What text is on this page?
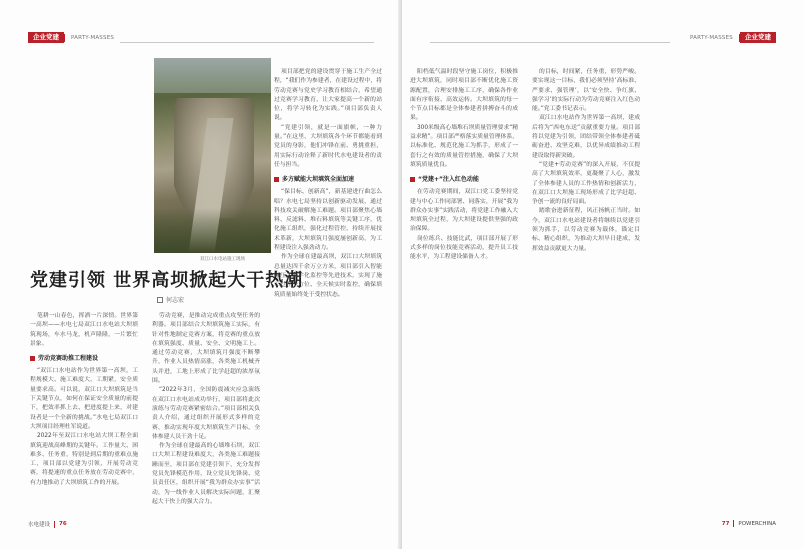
企业党建	PARTY-MASSES
双江口水电站施工现场
党建引领 世界高坝掀起大干热潮
何志宏

笔耕一山春色，挥洒一片深情。世界第一高坝——水电七局双江口水电站大坝填筑现场，车水马龙，机声隆隆，一片繁忙景象。

劳动竞赛助推工程建设

“双江口水电站作为世界第一高坝，工程规模大、施工难度大，工期紧，安全质量要求高。可以说，双江口大坝填筑是当下关键节点，如何在保证安全质量的前提下，把效率抓上去、把进度提上来，对建设者是一个全新的挑战。”水电七局双江口大坝项目经理杜军说道。

2022年至双江口水电站大坝工程全面填筑迎战高峰期的关键年。工作量大、困难多、任务重，特别是到后期的重难点施工，项目部以党建为引领，开展劳动竞赛，将提速的重点任务放在劳动竞赛中，有力地推动了大坝填筑工作的开展。

劳动竞赛，是推动完成重点攻坚任务的利器。项目部结合大坝填筑施工实际，有针对性地制定竞赛方案，将竞赛的重点放在填筑强度、质量、安全、文明施工上。通过劳动竞赛，大坝填筑月强度不断攀升，作业人员热情高涨，各类施工机械齐头并进，工地上形成了比学赶超的浓厚氛围。

“2022年3月，全国防震减灾应急演练在双江口水电站成功举行，项目部将此次演练与劳动竞赛紧密结合。”项目部相关负责人介绍，通过组织开展形式多样的竞赛，推动实现年度大坝填筑生产目标，全体参建人员干劲十足。

作为全球在建最高的心墙堆石坝，双江口大坝工程建设难度大，各类施工难题接踵而至，项目部在党建引领下，充分发挥党员先锋模范作用，设立党员先锋岗、党员责任区，组织开展“我为群众办实事”活动，为一线作业人员解决实际问题，汇聚起大干快上的强大合力。

项目部把党的建设贯穿于施工生产全过程，“我们作为参建者，在建设过程中，将劳动竞赛与党史学习教育相结合，希望通过竞赛学习教育，让大家提高一个新的站位，将学习转化为实践。”项目部负责人说。

“党建引领，就是一面旗帜，一种力量。”在这里，大坝填筑各个环节都能看到党员的身影，他们冲锋在前、勇挑重担，用实际行动诠释了新时代水电建设者的责任与担当。

多方赋能大坝填筑全面加速

“保目标、创新高”，新基建进行曲怎么唱？水电七局坚持以创新驱动发展，通过科技攻关破解施工难题。项目部聚焦心墙料、反滤料、堆石料填筑等关键工序，优化施工组织，强化过程管控，持续开展技术革新，大坝填筑月强度屡创新高，为工程建设注入强劲动力。

作为全球在建最高坝，双江口大坝填筑总量达四千余万立方米，项目部引入智能碾压、数字化监控等先进技术，实现了施工过程全方位、全天候实时监控，确保填筑质量始终处于受控状态。

水电建设 76
PARTY-MASSES	企业党建

阳档低气温时段坚守施工岗位，积极推进大坝填筑，同时项目部不断优化施工资源配置，合理安排施工工序，确保各作业面有序衔接、高效运转。大坝填筑的每一个节点目标都是全体参建者拼搏奋斗的成果。

300米级高心墙堆石坝质量管理要求“精益求精”。项目部严格落实质量管理体系，以标准化、规范化施工为抓手，形成了一套行之有效的质量管控措施，确保了大坝填筑质量优良。

“党建+”注入红色动能

在劳动竞赛期间，双江口党工委坚持党建与中心工作同部署、同落实，开展“我为群众办实事”实践活动，将党建工作融入大坝填筑全过程，为大坝建设提供坚强的政治保障。

岗位练兵、技能比武，项目部开展了形式多样的岗位技能竞赛活动，提升员工技能水平，为工程建设储备人才。

的目标，时间紧，任务重，形势严峻。要实现这一目标，我们必须坚持‘高标准、严要求、强管理’，以‘安全快、争红旗、强学习’的实际行动为劳动竞赛注入红色动能。”党工委书记表示。

双江口水电站作为世界第一高坝，建成后将为“西电东送”贡献重要力量。项目部将以党建为引领，团结带领全体参建者砥砺奋进、攻坚克难，以优异成绩推动工程建设取得新突破。

“党建+劳动竞赛”的深入开展，不仅提高了大坝填筑效率，更凝聚了人心，激发了全体参建人员的工作热情和创新活力，在双江口大坝施工现场形成了比学赶超、争创一流的良好局面。

踏歌奋进新征程，风正扬帆正当时。如今，双江口水电站建设者将继续以党建引领为抓手，以劳动竞赛为载体，锚定目标、精心组织，为推动大坝早日建成、发挥效益贡献更大力量。

77 POWERCHINA
